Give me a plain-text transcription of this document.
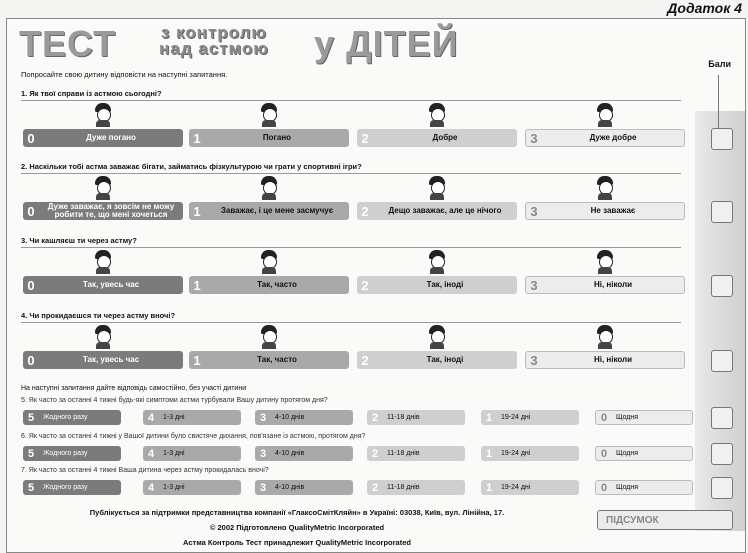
Додаток 4
ТЕСТ	з контролю
над астмою у ДІТЕЙ
Попросайте свою дитину відповісти на наступні запитання.
Бали
На наступні запитання дайте відповідь самостійно, без участі дитини
Публікується за підтримки представництва компанії «ГлаксоСмітКляйн» в Україні: 03038, Київ, вул. Лінійна, 17.
© 2002 Підготовлено QualityMetric Incorporated
Астма Контроль Тест принадлежит QualityMetric Incorporated
ПІДСУМОК
1. Як твої справи із астмою сьогодні?
0	Дуже погано	1	Погано	2	Добре	3	Дуже добре
2. Наскільки тобі астма заважає бігати, займатись фізкультурою чи грати у спортивні ігри?
0	Дуже заважає, я зовсім не можу робити те, що мені хочеться	1	Заважає, і це мене засмучує	2	Дещо заважає, але це нічого	3	Не заважає
3. Чи кашляєш ти через астму?
0	Так, увесь час	1	Так, часто	2	Так, іноді	3	Ні, ніколи
4. Чи прокидаєшся ти через астму вночі?
0	Так, увесь час	1	Так, часто	2	Так, іноді	3	Ні, ніколи
5. Як часто за останні 4 тижні будь-які симптоми астми турбували Вашу дитину протягом дня?
5	Жодного разу	4	1-3 дні	3	4-10 днів	2	11-18 днів	1	19-24 дні	0	Щодня
6. Як часто за останні 4 тижні у Вашої дитини було свистяче дихання, пов'язане із астмою, протягом дня?
5	Жодного разу	4	1-3 дні	3	4-10 днів	2	11-18 днів	1	19-24 дні	0	Щодня
7. Як часто за останні 4 тижні Ваша дитина через астму прокидалась вночі?
5	Жодного разу	4	1-3 дні	3	4-10 днів	2	11-18 днів	1	19-24 дні	0	Щодня
